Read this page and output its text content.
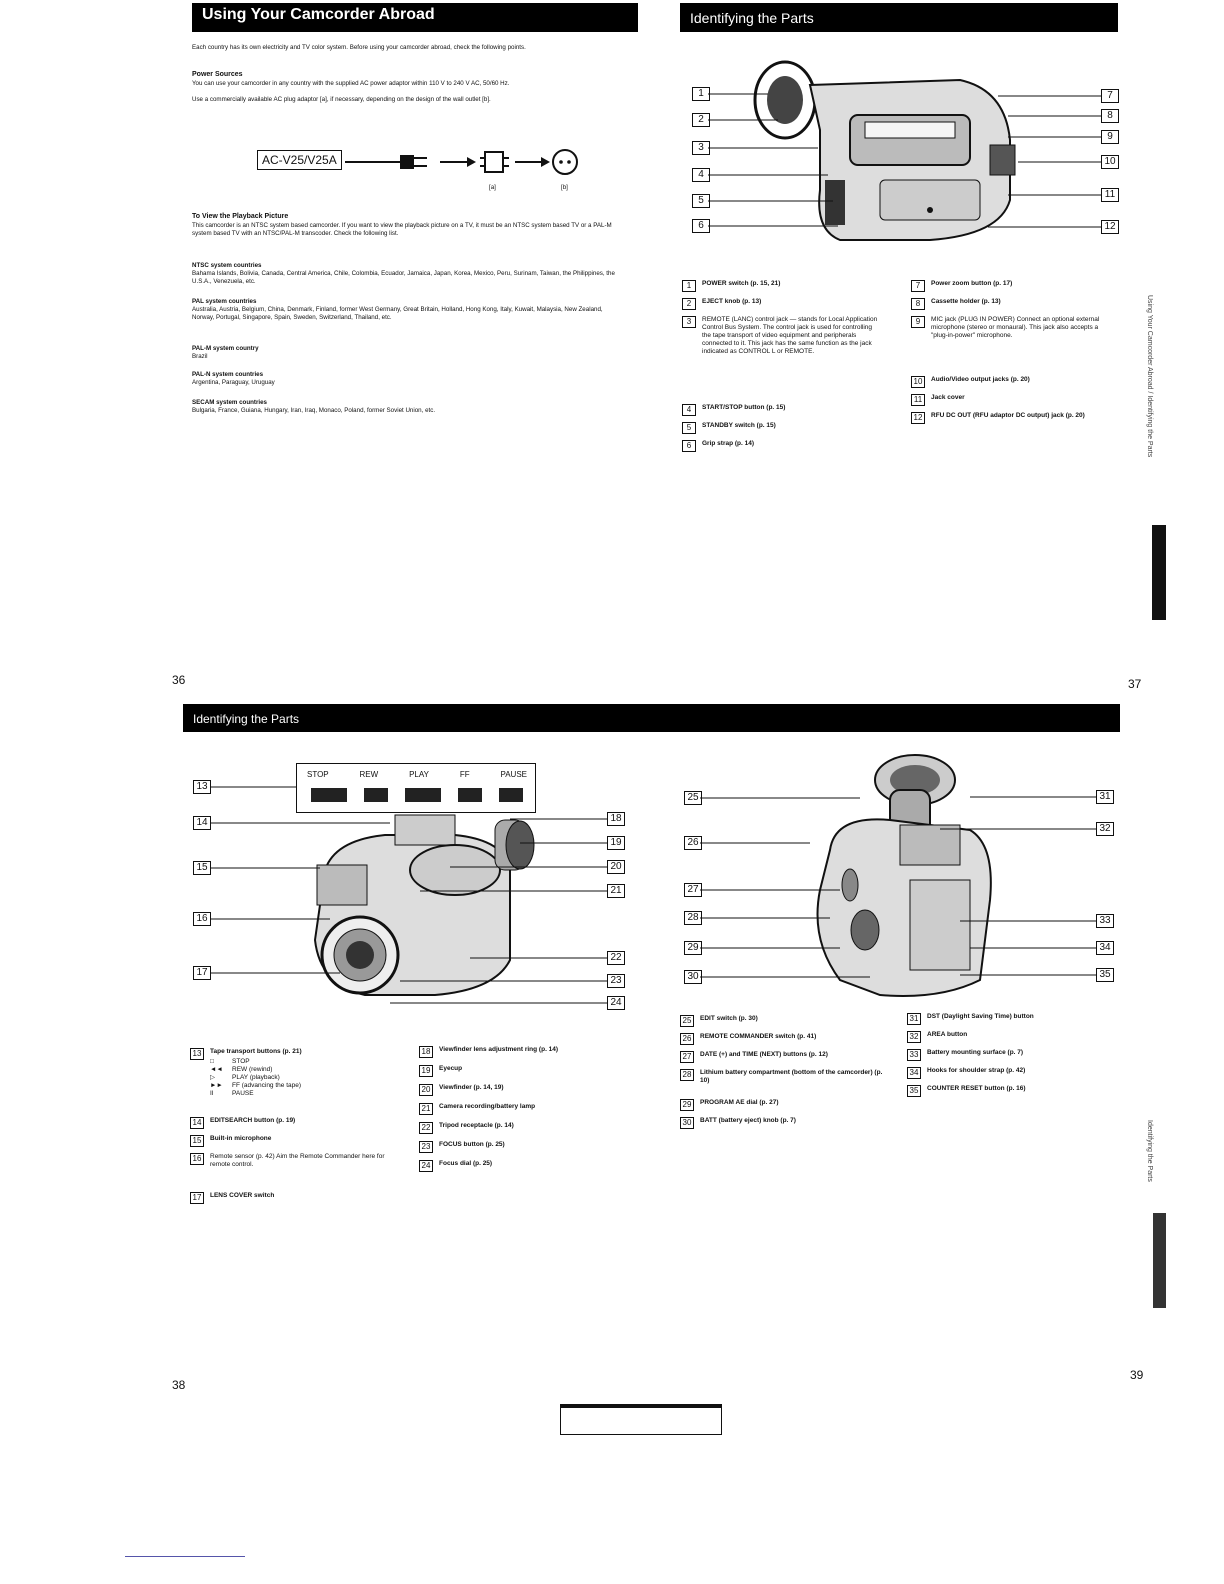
Using Your Camcorder Abroad
Each country has its own electricity and TV color system. Before using your camcorder abroad, check the following points.
Power Sources
You can use your camcorder in any country with the supplied AC power adaptor within 110 V to 240 V AC, 50/60 Hz.
Use a commercially available AC plug adaptor [a], if necessary, depending on the design of the wall outlet [b].
AC-V25/V25A
[a]	[b]
To View the Playback Picture
This camcorder is an NTSC system based camcorder. If you want to view the playback picture on a TV, it must be an NTSC system based TV or a PAL-M system based TV with an NTSC/PAL-M transcoder. Check the following list.
NTSC system countries
Bahama Islands, Bolivia, Canada, Central America, Chile, Colombia, Ecuador, Jamaica, Japan, Korea, Mexico, Peru, Surinam, Taiwan, the Philippines, the U.S.A., Venezuela, etc.
PAL system countries
Australia, Austria, Belgium, China, Denmark, Finland, former West Germany, Great Britain, Holland, Hong Kong, Italy, Kuwait, Malaysia, New Zealand, Norway, Portugal, Singapore, Spain, Sweden, Switzerland, Thailand, etc.
PAL-M system country
Brazil
PAL-N system countries
Argentina, Paraguay, Uruguay
SECAM system countries
Bulgaria, France, Guiana, Hungary, Iran, Iraq, Monaco, Poland, former Soviet Union, etc.
36
Identifying the Parts
1
2
3
4
5
6
7
8
9
10
11
12
1 POWER switch (p. 15, 21)
2 EJECT knob (p. 13)
3 REMOTE (LANC) control jack — stands for Local Application Control Bus System. The control jack is used for controlling the tape transport of video equipment and peripherals connected to it. This jack has the same function as the jack indicated as CONTROL L or REMOTE.
4 START/STOP button (p. 15)
5 STANDBY switch (p. 15)
6 Grip strap (p. 14)
7 Power zoom button (p. 17)
8 Cassette holder (p. 13)
9 MIC jack (PLUG IN POWER) Connect an optional external microphone (stereo or monaural). This jack also accepts a "plug-in-power" microphone.
10 Audio/Video output jacks (p. 20)
11 Jack cover
12 RFU DC OUT (RFU adaptor DC output) jack (p. 20)	Using Your Camcorder Abroad / Identifying the Parts
37
Identifying the Parts
STOP	REW	PLAY	FF	PAUSE
13
14
15
16
17
18
19
20
21
22
23
24
13 Tape transport buttons (p. 21)
□	STOP
◄◄ REW (rewind)
▷	PLAY (playback)
►► FF (advancing the tape)
II	PAUSE
14 EDITSEARCH button (p. 19)
15 Built-in microphone
16 Remote sensor (p. 42) Aim the Remote Commander here for remote control.
17 LENS COVER switch
18 Viewfinder lens adjustment ring (p. 14)
19 Eyecup
20 Viewfinder (p. 14, 19)
21 Camera recording/battery lamp
22 Tripod receptacle (p. 14)
23 FOCUS button (p. 25)
24 Focus dial (p. 25)
38
25
26
27
28
29
30
31
32
33
34
35
25 EDIT switch (p. 30)
26 REMOTE COMMANDER switch (p. 41)
27 DATE (+) and TIME (NEXT) buttons (p. 12)
28 Lithium battery compartment (bottom of the camcorder) (p. 10)
29 PROGRAM AE dial (p. 27)
30 BATT (battery eject) knob (p. 7)
31 DST (Daylight Saving Time) button
32 AREA button
33 Battery mounting surface (p. 7)
34 Hooks for shoulder strap (p. 42)
35 COUNTER RESET button (p. 16)
Identifying the Parts
39
